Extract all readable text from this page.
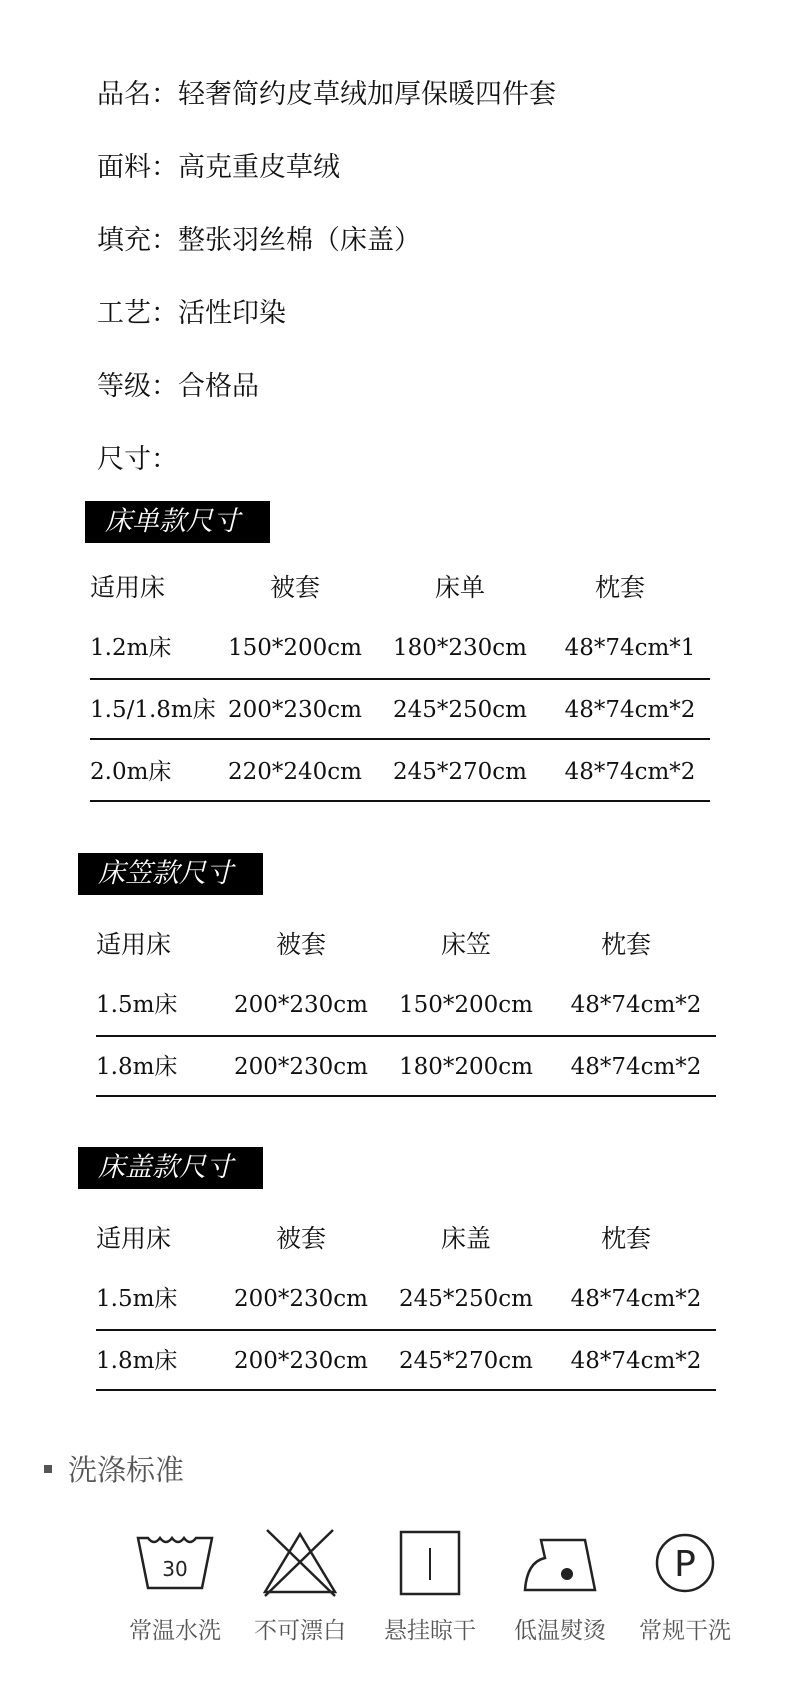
品名：轻奢简约皮草绒加厚保暖四件套
面料：高克重皮草绒
填充：整张羽丝棉（床盖）
工艺：活性印染
等级：合格品
尺寸：
床单款尺寸
适用床	被套	床单	枕套
1.2m床	150*200cm	180*230cm	48*74cm*1
1.5/1.8m床 200*230cm	245*250cm	48*74cm*2
2.0m床	220*240cm	245*270cm	48*74cm*2
床笠款尺寸
适用床	被套	床笠	枕套
1.5m床	200*230cm	150*200cm	48*74cm*2
1.8m床	200*230cm	180*200cm	48*74cm*2
床盖款尺寸
适用床	被套	床盖	枕套
1.5m床	200*230cm	245*250cm	48*74cm*2
1.8m床	200*230cm	245*270cm	48*74cm*2
洗涤标准
30
常温水洗	不可漂白	悬挂晾干	低温熨烫
P
常规干洗
